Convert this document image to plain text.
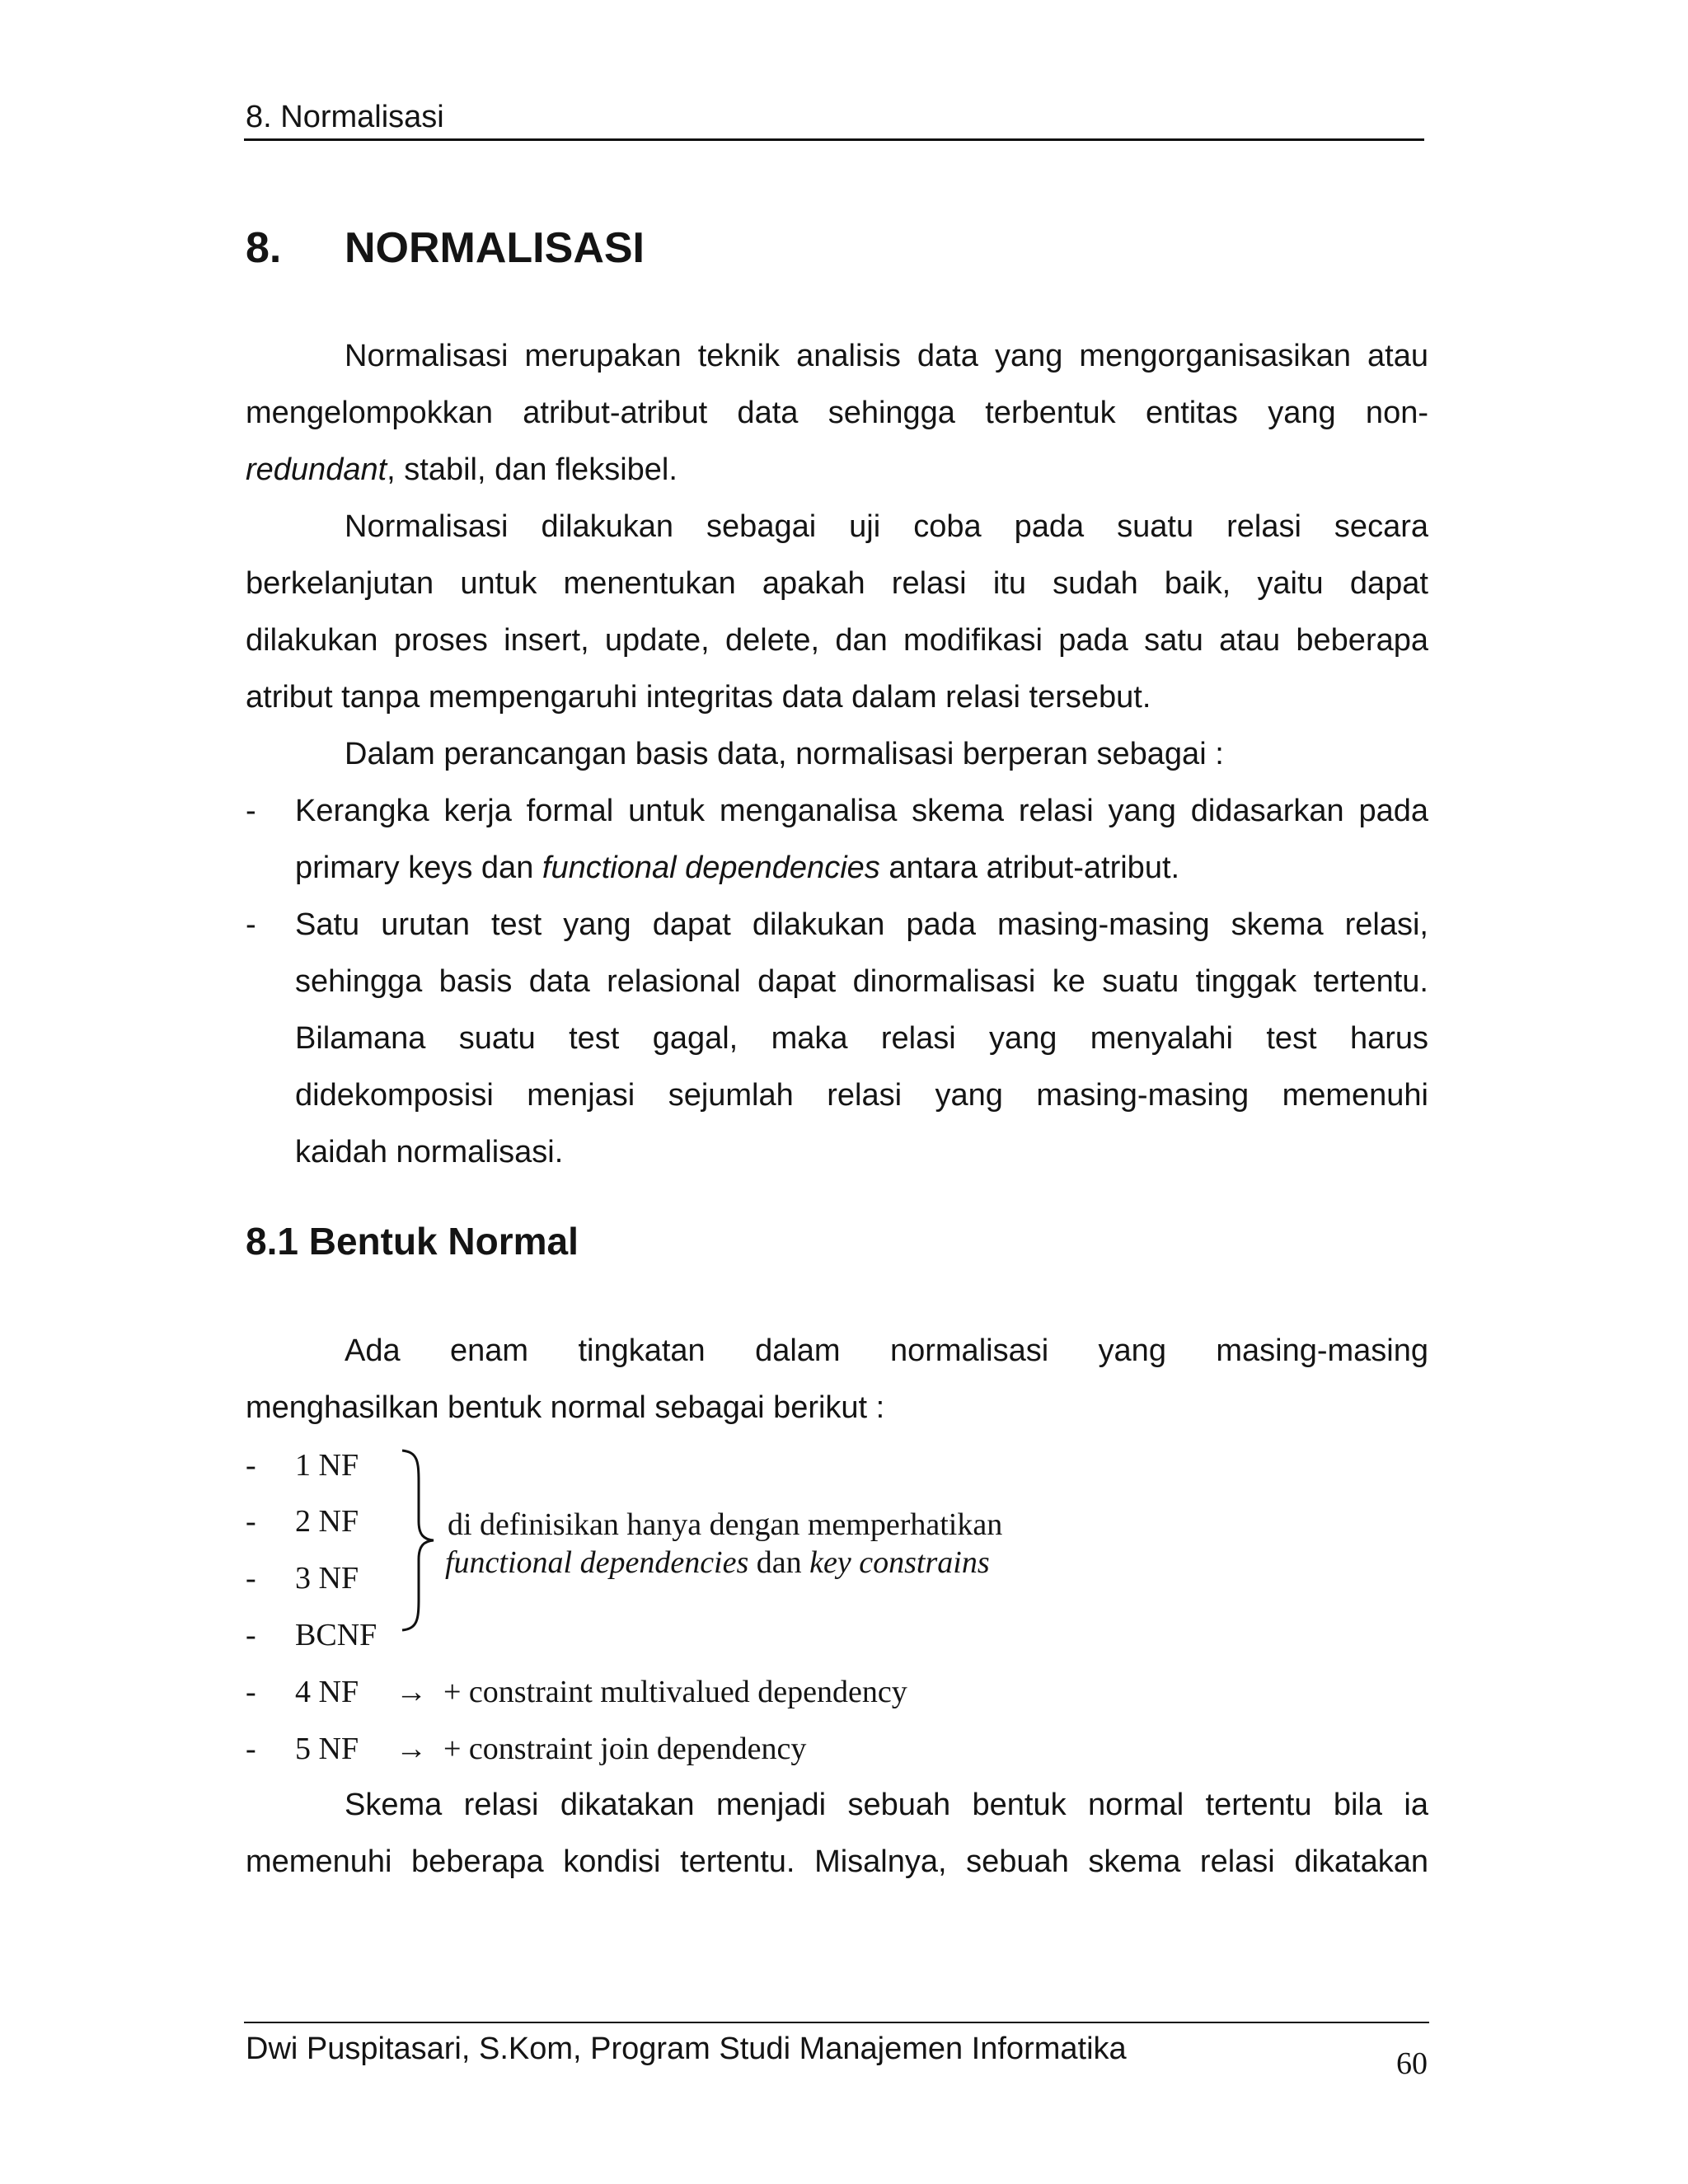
8. Normalisasi
8. NORMALISASI
Normalisasi merupakan teknik analisis data yang mengorganisasikan atau
mengelompokkan atribut-atribut data sehingga terbentuk entitas yang non-
redundant, stabil, dan fleksibel.
Normalisasi dilakukan sebagai uji coba pada suatu relasi secara
berkelanjutan untuk menentukan apakah relasi itu sudah baik, yaitu dapat
dilakukan proses insert, update, delete, dan modifikasi pada satu atau beberapa
atribut tanpa mempengaruhi integritas data dalam relasi tersebut.
Dalam perancangan basis data, normalisasi berperan sebagai :
- Kerangka kerja formal untuk menganalisa skema relasi yang didasarkan pada
primary keys dan functional dependencies antara atribut-atribut.
- Satu urutan test yang dapat dilakukan pada masing-masing skema relasi,
sehingga basis data relasional dapat dinormalisasi ke suatu tinggak tertentu.
Bilamana suatu test gagal, maka relasi yang menyalahi test harus
didekomposisi menjasi sejumlah relasi yang masing-masing memenuhi
kaidah normalisasi.
8.1 Bentuk Normal
Ada enam tingkatan dalam normalisasi yang masing-masing
menghasilkan bentuk normal sebagai berikut :
- 1 NF
- 2 NF
- 3 NF
- BCNF
di definisikan hanya dengan memperhatikan
functional dependencies dan key constrains
- 4 NF → + constraint multivalued dependency
- 5 NF → + constraint join dependency
Skema relasi dikatakan menjadi sebuah bentuk normal tertentu bila ia
memenuhi beberapa kondisi tertentu. Misalnya, sebuah skema relasi dikatakan
Dwi Puspitasari, S.Kom, Program Studi Manajemen Informatika	60
